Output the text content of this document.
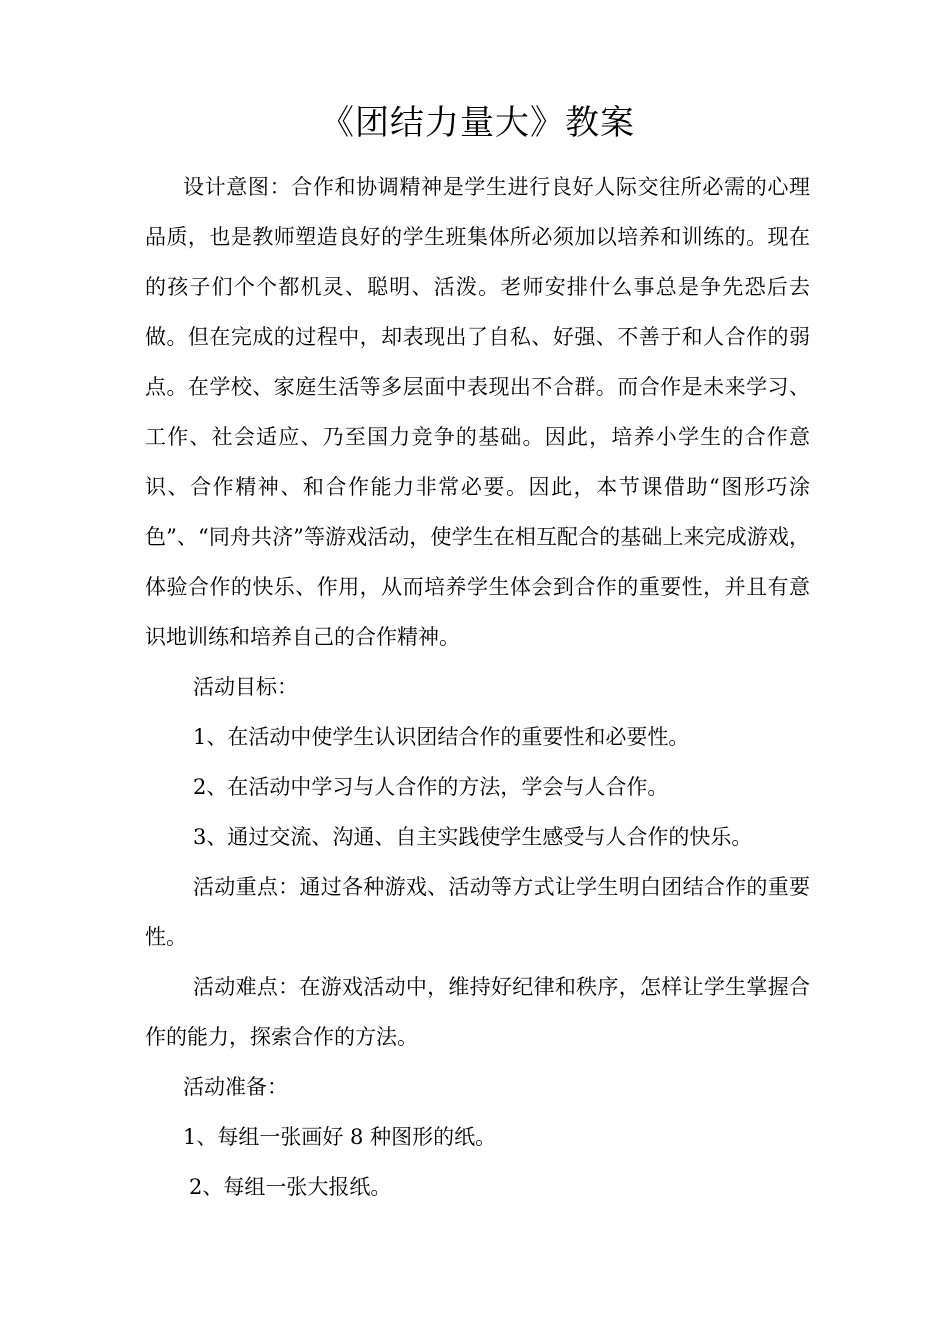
《团结力量大》教案

设计意图：合作和协调精神是学生进行良好人际交往所必需的心理品质，也是教师塑造良好的学生班集体所必须加以培养和训练的。现在的孩子们个个都机灵、聪明、活泼。老师安排什么事总是争先恐后去做。但在完成的过程中，却表现出了自私、好强、不善于和人合作的弱点。在学校、家庭生活等多层面中表现出不合群。而合作是未来学习、工作、社会适应、乃至国力竞争的基础。因此，培养小学生的合作意识、合作精神、和合作能力非常必要。因此，本节课借助“图形巧涂色”、“同舟共济”等游戏活动，使学生在相互配合的基础上来完成游戏，体验合作的快乐、作用，从而培养学生体会到合作的重要性，并且有意识地训练和培养自己的合作精神。

活动目标：

1、在活动中使学生认识团结合作的重要性和必要性。

2、在活动中学习与人合作的方法，学会与人合作。

3、通过交流、沟通、自主实践使学生感受与人合作的快乐。

活动重点：通过各种游戏、活动等方式让学生明白团结合作的重要性。

活动难点：在游戏活动中，维持好纪律和秩序，怎样让学生掌握合作的能力，探索合作的方法。

活动准备：

1、每组一张画好 8 种图形的纸。

2、每组一张大报纸。
